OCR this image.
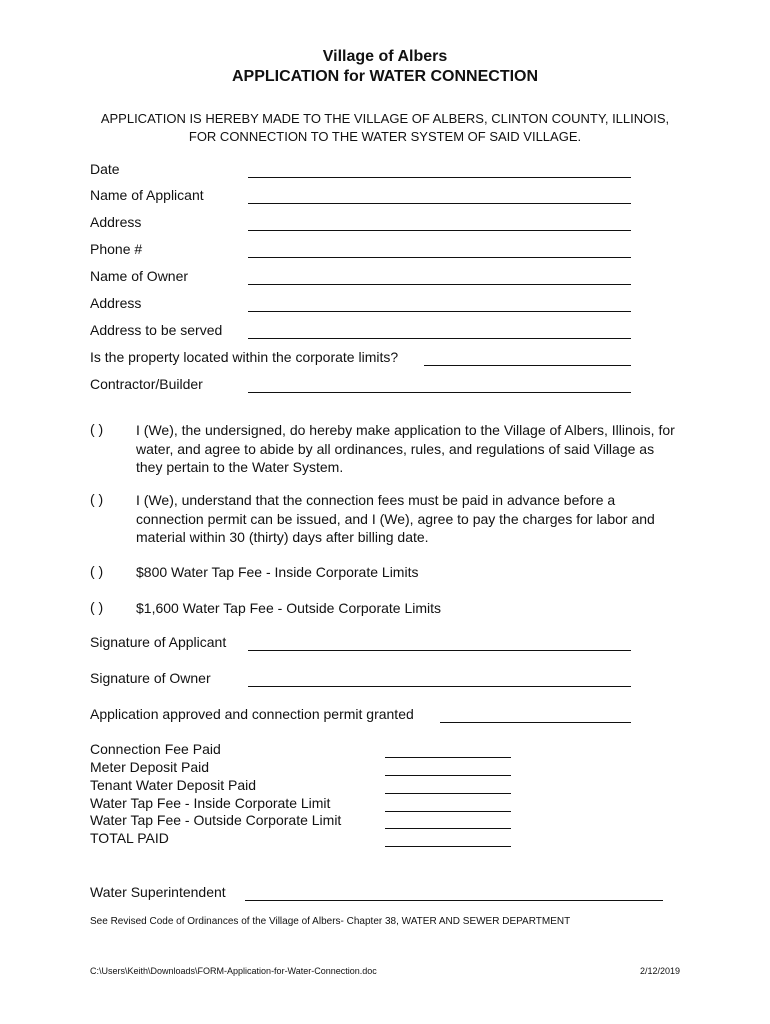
Village of Albers
APPLICATION for WATER CONNECTION
APPLICATION IS HEREBY MADE TO THE VILLAGE OF ALBERS, CLINTON COUNTY, ILLINOIS, FOR CONNECTION TO THE WATER SYSTEM OF SAID VILLAGE.
Date
Name of Applicant
Address
Phone #
Name of Owner
Address
Address to be served
Is the property located within the corporate limits?
Contractor/Builder
( ) I (We), the undersigned, do hereby make application to the Village of Albers, Illinois, for water, and agree to abide by all ordinances, rules, and regulations of said Village as they pertain to the Water System.
( ) I (We), understand that the connection fees must be paid in advance before a connection permit can be issued, and I (We), agree to pay the charges for labor and material within 30 (thirty) days after billing date.
( ) $800 Water Tap Fee - Inside Corporate Limits
( ) $1,600 Water Tap Fee - Outside Corporate Limits
Signature of Applicant
Signature of Owner
Application approved and connection permit granted
Connection Fee Paid
Meter Deposit Paid
Tenant Water Deposit Paid
Water Tap Fee - Inside Corporate Limit
Water Tap Fee - Outside Corporate Limit
TOTAL PAID
Water Superintendent
See Revised Code of Ordinances of the Village of Albers- Chapter 38, WATER AND SEWER DEPARTMENT
C:\Users\Keith\Downloads\FORM-Application-for-Water-Connection.doc	2/12/2019
